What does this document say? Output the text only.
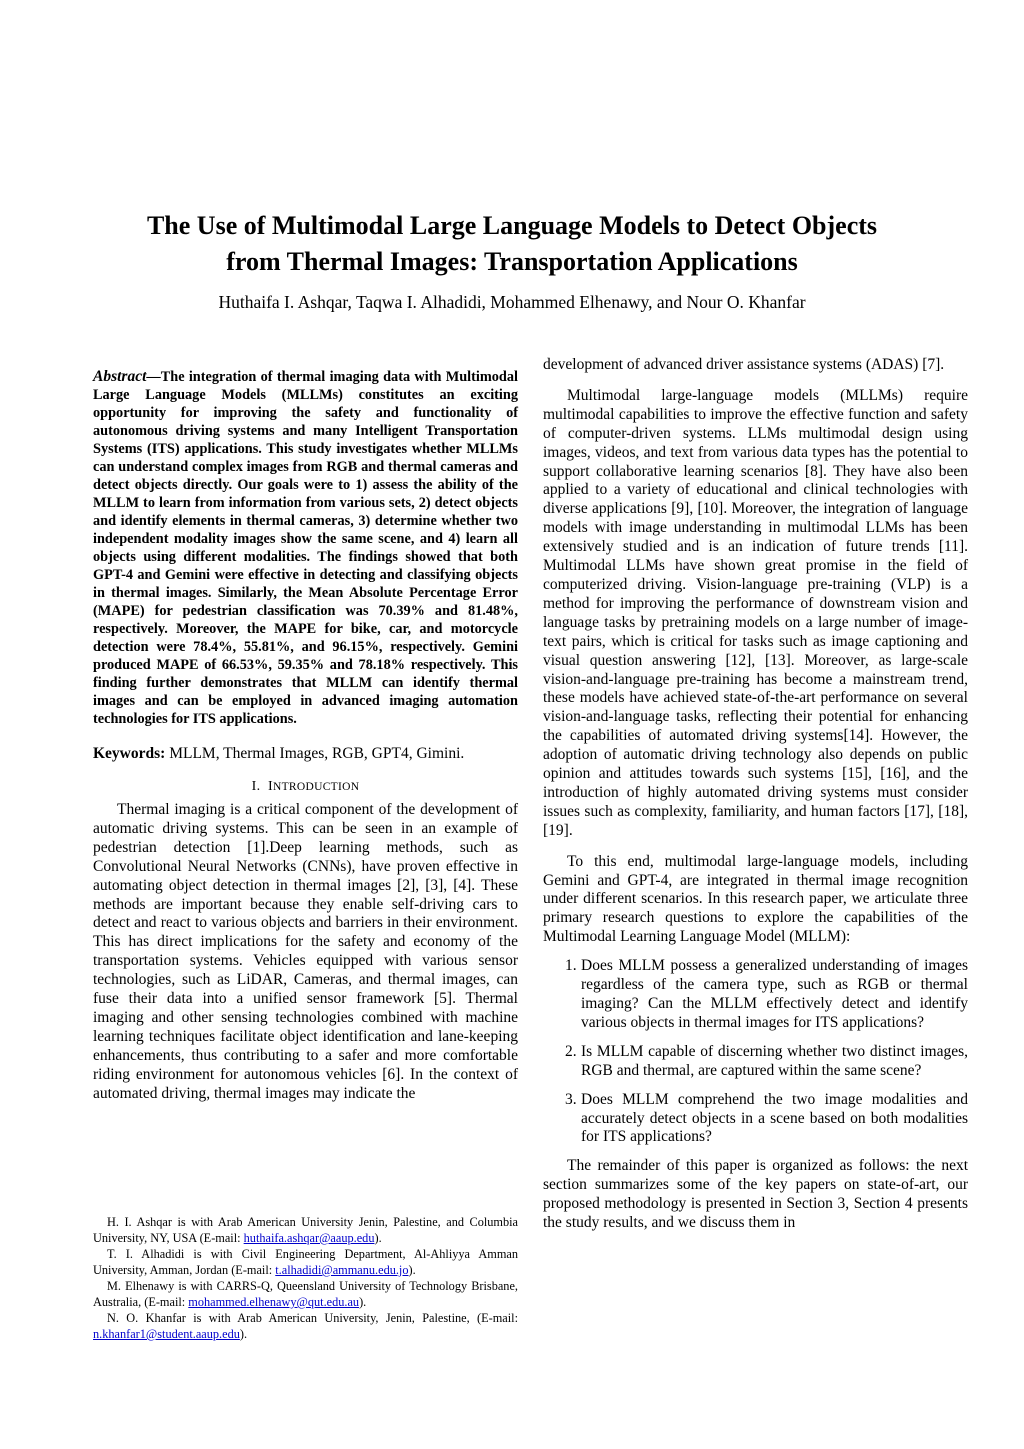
The Use of Multimodal Large Language Models to Detect Objects
from Thermal Images: Transportation Applications
Huthaifa I. Ashqar, Taqwa I. Alhadidi, Mohammed Elhenawy, and Nour O. Khanfar

Abstract—The integration of thermal imaging data with Multimodal Large Language Models (MLLMs) constitutes an exciting opportunity for improving the safety and functionality of autonomous driving systems and many Intelligent Transportation Systems (ITS) applications. This study investigates whether MLLMs can understand complex images from RGB and thermal cameras and detect objects directly. Our goals were to 1) assess the ability of the MLLM to learn from information from various sets, 2) detect objects and identify elements in thermal cameras, 3) determine whether two independent modality images show the same scene, and 4) learn all objects using different modalities. The findings showed that both GPT-4 and Gemini were effective in detecting and classifying objects in thermal images. Similarly, the Mean Absolute Percentage Error (MAPE) for pedestrian classification was 70.39% and 81.48%, respectively. Moreover, the MAPE for bike, car, and motorcycle detection were 78.4%, 55.81%, and 96.15%, respectively. Gemini produced MAPE of 66.53%, 59.35% and 78.18% respectively. This finding further demonstrates that MLLM can identify thermal images and can be employed in advanced imaging automation technologies for ITS applications.

Keywords: MLLM, Thermal Images, RGB, GPT4, Gimini.

I. INTRODUCTION

Thermal imaging is a critical component of the development of automatic driving systems. This can be seen in an example of pedestrian detection [1].Deep learning methods, such as Convolutional Neural Networks (CNNs), have proven effective in automating object detection in thermal images [2], [3], [4]. These methods are important because they enable self-driving cars to detect and react to various objects and barriers in their environment. This has direct implications for the safety and economy of the transportation systems. Vehicles equipped with various sensor technologies, such as LiDAR, Cameras, and thermal images, can fuse their data into a unified sensor framework [5]. Thermal imaging and other sensing technologies combined with machine learning techniques facilitate object identification and lane-keeping enhancements, thus contributing to a safer and more comfortable riding environment for autonomous vehicles [6]. In the context of automated driving, thermal images may indicate the

development of advanced driver assistance systems (ADAS) [7].

Multimodal large-language models (MLLMs) require multimodal capabilities to improve the effective function and safety of computer-driven systems. LLMs multimodal design using images, videos, and text from various data types has the potential to support collaborative learning scenarios [8]. They have also been applied to a variety of educational and clinical technologies with diverse applications [9], [10]. Moreover, the integration of language models with image understanding in multimodal LLMs has been extensively studied and is an indication of future trends [11]. Multimodal LLMs have shown great promise in the field of computerized driving. Vision-language pre-training (VLP) is a method for improving the performance of downstream vision and language tasks by pretraining models on a large number of image-text pairs, which is critical for tasks such as image captioning and visual question answering [12], [13]. Moreover, as large-scale vision-and-language pre-training has become a mainstream trend, these models have achieved state-of-the-art performance on several vision-and-language tasks, reflecting their potential for enhancing the capabilities of automated driving systems[14]. However, the adoption of automatic driving technology also depends on public opinion and attitudes towards such systems [15], [16], and the introduction of highly automated driving systems must consider issues such as complexity, familiarity, and human factors [17], [18], [19].

To this end, multimodal large-language models, including Gemini and GPT-4, are integrated in thermal image recognition under different scenarios. In this research paper, we articulate three primary research questions to explore the capabilities of the Multimodal Learning Language Model (MLLM):

1. Does MLLM possess a generalized understanding of images regardless of the camera type, such as RGB or thermal imaging? Can the MLLM effectively detect and identify various objects in thermal images for ITS applications?
2. Is MLLM capable of discerning whether two distinct images, RGB and thermal, are captured within the same scene?
3. Does MLLM comprehend the two image modalities and accurately detect objects in a scene based on both modalities for ITS applications?

The remainder of this paper is organized as follows: the next section summarizes some of the key papers on state-of-art, our proposed methodology is presented in Section 3, Section 4 presents the study results, and we discuss them in

H. I. Ashqar is with Arab American University Jenin, Palestine, and Columbia University, NY, USA (E-mail: huthaifa.ashqar@aaup.edu).

T. I. Alhadidi is with Civil Engineering Department, Al-Ahliyya Amman University, Amman, Jordan (E-mail: t.alhadidi@ammanu.edu.jo).

M. Elhenawy is with CARRS-Q, Queensland University of Technology Brisbane, Australia, (E-mail: mohammed.elhenawy@qut.edu.au).

N. O. Khanfar is with Arab American University, Jenin, Palestine, (E-mail: n.khanfar1@student.aaup.edu).
